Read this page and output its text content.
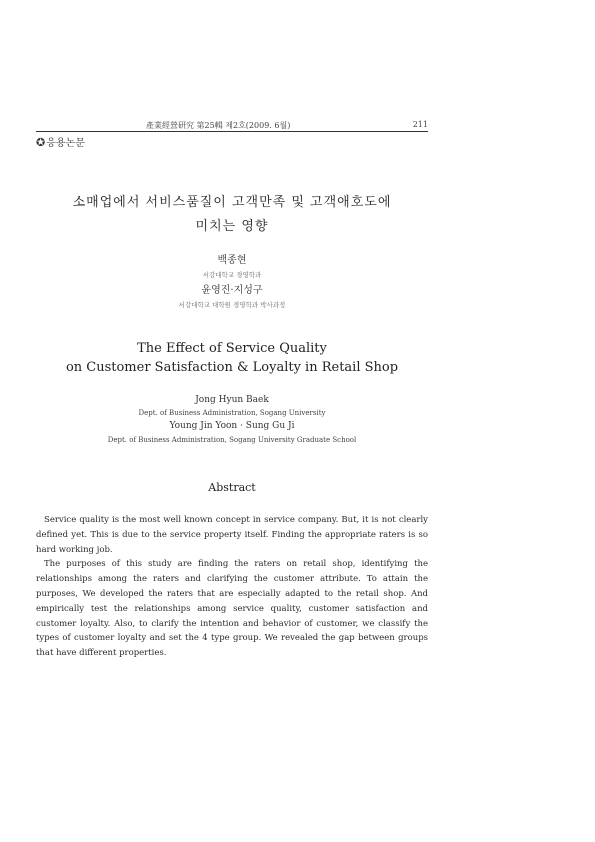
產業經營研究 第25輯 제2호(2009. 6월)	211
✪응용논문
소매업에서 서비스품질이 고객만족 및 고객애호도에
미치는 영향
백종현
서강대학교 경영학과
윤영진·지성구
서강대학교 대학원 경영학과 박사과정
The Effect of Service Quality
on Customer Satisfaction & Loyalty in Retail Shop
Jong Hyun Baek
Dept. of Business Administration, Sogang University
Young Jin Yoon · Sung Gu Ji
Dept. of Business Administration, Sogang University Graduate School
Abstract

Service quality is the most well known concept in service company. But, it is not clearly defined yet. This is due to the service property itself. Finding the appropriate raters is so hard working job.

The purposes of this study are finding the raters on retail shop, identifying the relationships among the raters and clarifying the customer attribute. To attain the purposes, We developed the raters that are especially adapted to the retail shop. And empirically test the relationships among service quality, customer satisfaction and customer loyalty. Also, to clarify the intention and behavior of customer, we classify the types of customer loyalty and set the 4 type group. We revealed the gap between groups that have different properties.
